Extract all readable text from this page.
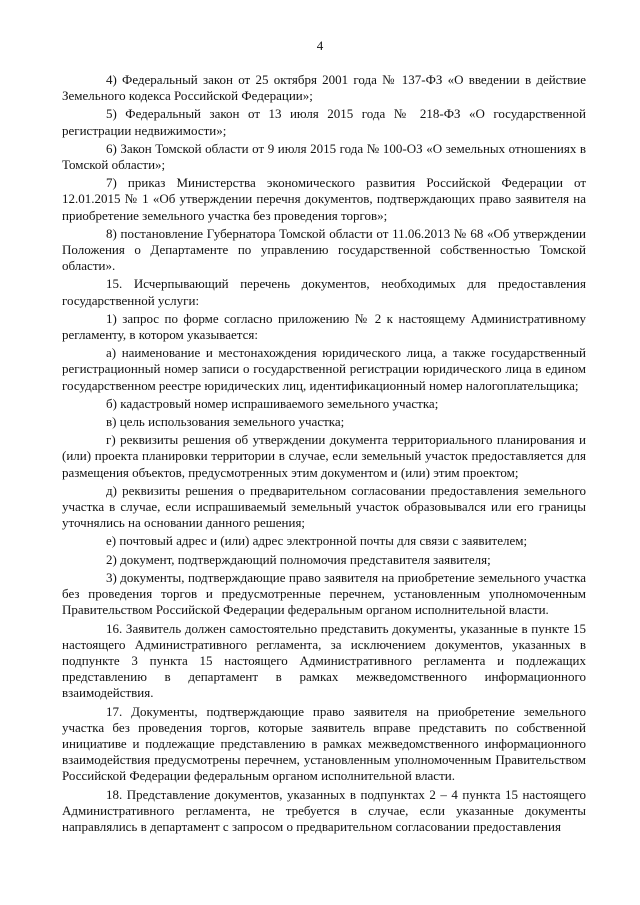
4

4) Федеральный закон от 25 октября 2001 года № 137-ФЗ «О введении в действие Земельного кодекса Российской Федерации»;

5) Федеральный закон от 13 июля 2015 года № 218-ФЗ «О государственной регистрации недвижимости»;

6) Закон Томской области от 9 июля 2015 года № 100-ОЗ «О земельных отношениях в Томской области»;

7) приказ Министерства экономического развития Российской Федерации от 12.01.2015 № 1 «Об утверждении перечня документов, подтверждающих право заявителя на приобретение земельного участка без проведения торгов»;

8) постановление Губернатора Томской области от 11.06.2013 № 68 «Об утверждении Положения о Департаменте по управлению государственной собственностью Томской области».

15. Исчерпывающий перечень документов, необходимых для предоставления государственной услуги:

1) запрос по форме согласно приложению № 2 к настоящему Административному регламенту, в котором указывается:

а) наименование и местонахождения юридического лица, а также государственный регистрационный номер записи о государственной регистрации юридического лица в едином государственном реестре юридических лиц, идентификационный номер налогоплательщика;

б) кадастровый номер испрашиваемого земельного участка;

в) цель использования земельного участка;

г) реквизиты решения об утверждении документа территориального планирования и (или) проекта планировки территории в случае, если земельный участок предоставляется для размещения объектов, предусмотренных этим документом и (или) этим проектом;

д) реквизиты решения о предварительном согласовании предоставления земельного участка в случае, если испрашиваемый земельный участок образовывался или его границы уточнялись на основании данного решения;

е) почтовый адрес и (или) адрес электронной почты для связи с заявителем;

2) документ, подтверждающий полномочия представителя заявителя;

3) документы, подтверждающие право заявителя на приобретение земельного участка без проведения торгов и предусмотренные перечнем, установленным уполномоченным Правительством Российской Федерации федеральным органом исполнительной власти.

16. Заявитель должен самостоятельно представить документы, указанные в пункте 15 настоящего Административного регламента, за исключением документов, указанных в подпункте 3 пункта 15 настоящего Административного регламента и подлежащих представлению в департамент в рамках межведомственного информационного взаимодействия.

17. Документы, подтверждающие право заявителя на приобретение земельного участка без проведения торгов, которые заявитель вправе представить по собственной инициативе и подлежащие представлению в рамках межведомственного информационного взаимодействия предусмотрены перечнем, установленным уполномоченным Правительством Российской Федерации федеральным органом исполнительной власти.

18. Представление документов, указанных в подпунктах 2 – 4 пункта 15 настоящего Административного регламента, не требуется в случае, если указанные документы направлялись в департамент с запросом о предварительном согласовании предоставления
